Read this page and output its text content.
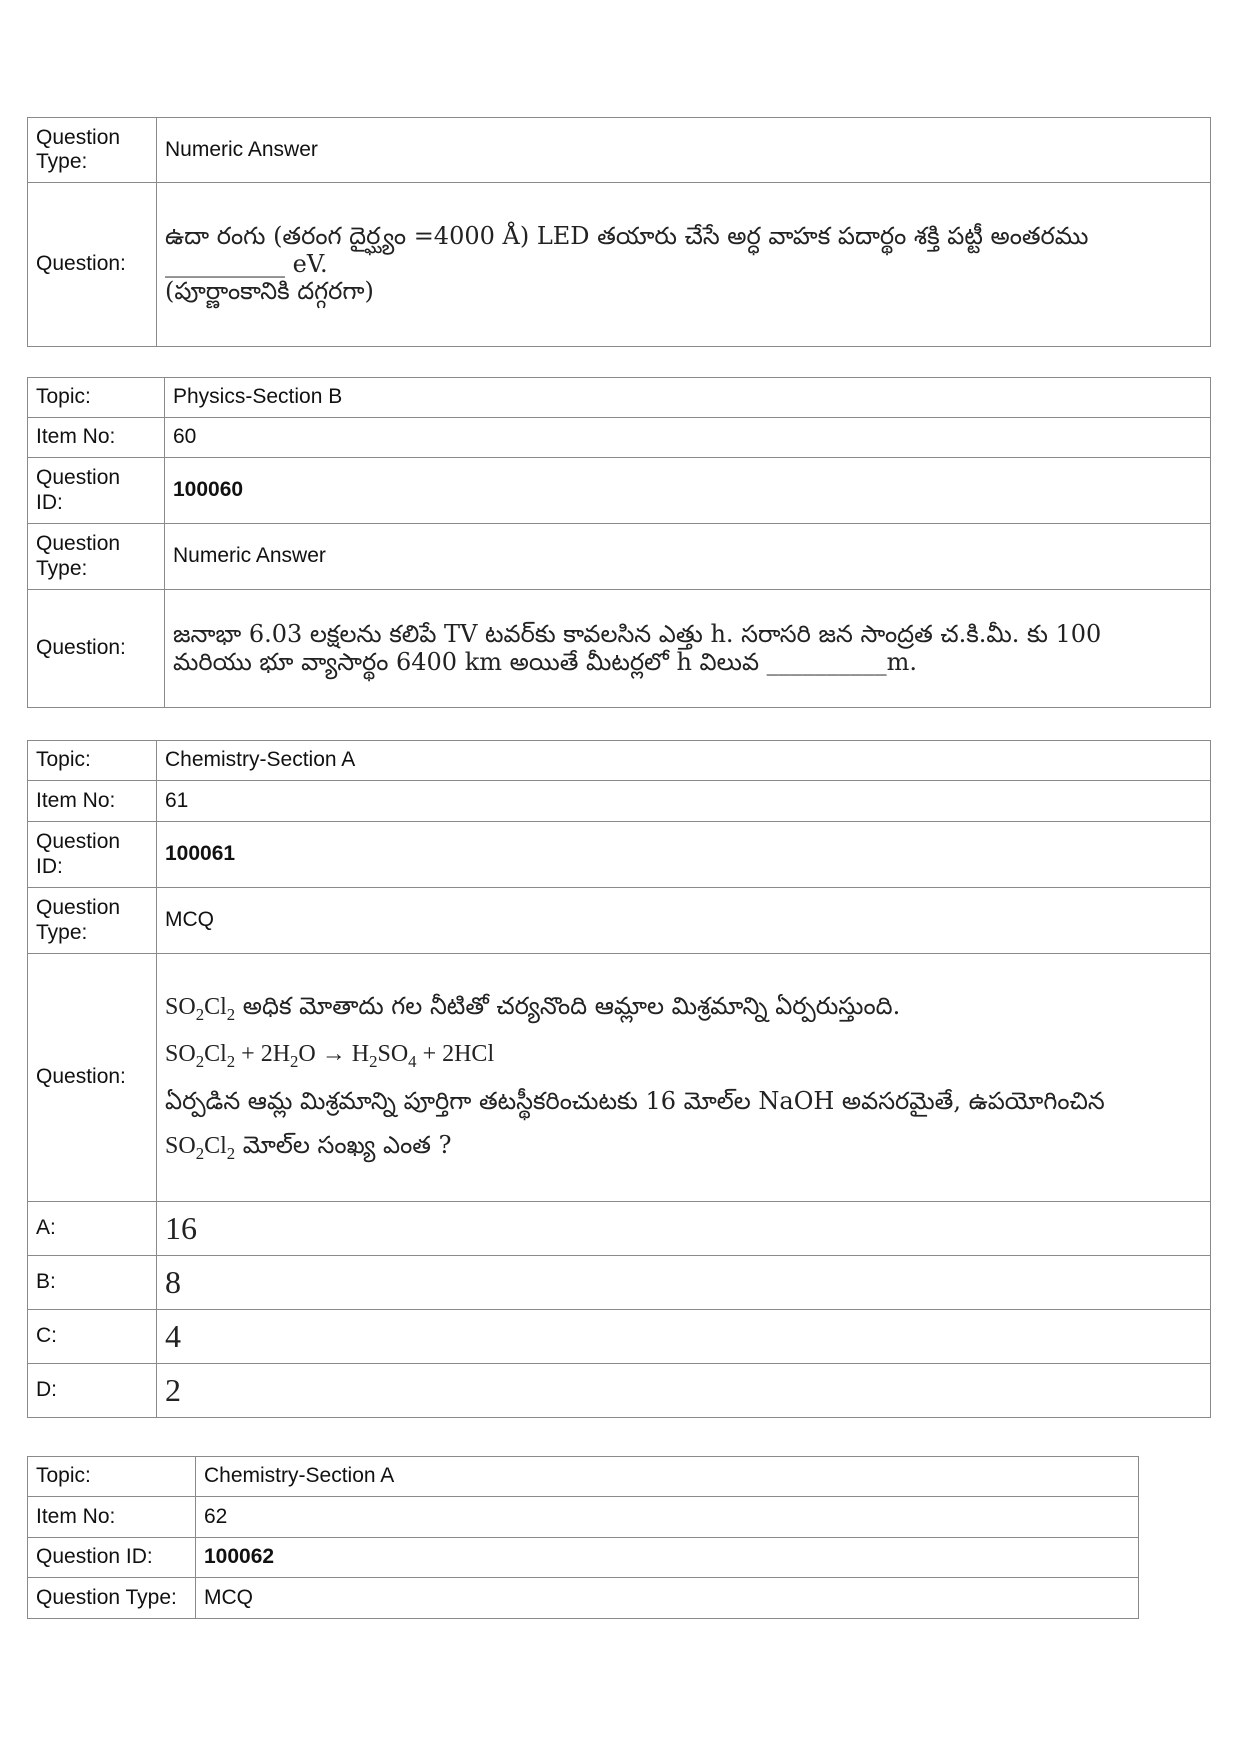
Question Type:	Numeric Answer
Question:	ఉదా రంగు (తరంగ దైర్ఘ్యం =4000 Å) LED తయారు చేసే అర్ధ వాహక పదార్థం శక్తి పట్టీ అంతరము
__________ eV.
(పూర్ణాంకానికి దగ్గరగా)
Topic:	Physics-Section B
Item No:	60
Question ID:	100060
Question Type:	Numeric Answer
Question:	జనాభా 6.03 లక్షలను కలిపే TV టవర్‌కు కావలసిన ఎత్తు h. సరాసరి జన సాంద్రత చ.కి.మీ. కు 100
మరియు భూ వ్యాసార్థం 6400 km అయితే మీటర్లలో h విలువ __________m.
Topic:	Chemistry-Section A
Item No:	61
Question ID:	100061
Question Type:	MCQ
Question:	$SO_2Cl_2$ అధిక మోతాదు గల నీటితో చర్యనొంది ఆమ్లాల మిశ్రమాన్ని ఏర్పరుస్తుంది.
$SO_2Cl_2 + 2H_2O \to H_2SO_4 + 2HCl$
ఏర్పడిన ఆమ్ల మిశ్రమాన్ని పూర్తిగా తటస్థీకరించుటకు 16 మోల్‌ల NaOH అవసరమైతే, ఉపయోగించిన
$SO_2Cl_2$ మోల్‌ల సంఖ్య ఎంత ?

A:	16
B:	8
C:	4
D:	2
Topic:	Chemistry-Section A
Item No:	62
Question ID:	100062
Question Type:	MCQ
